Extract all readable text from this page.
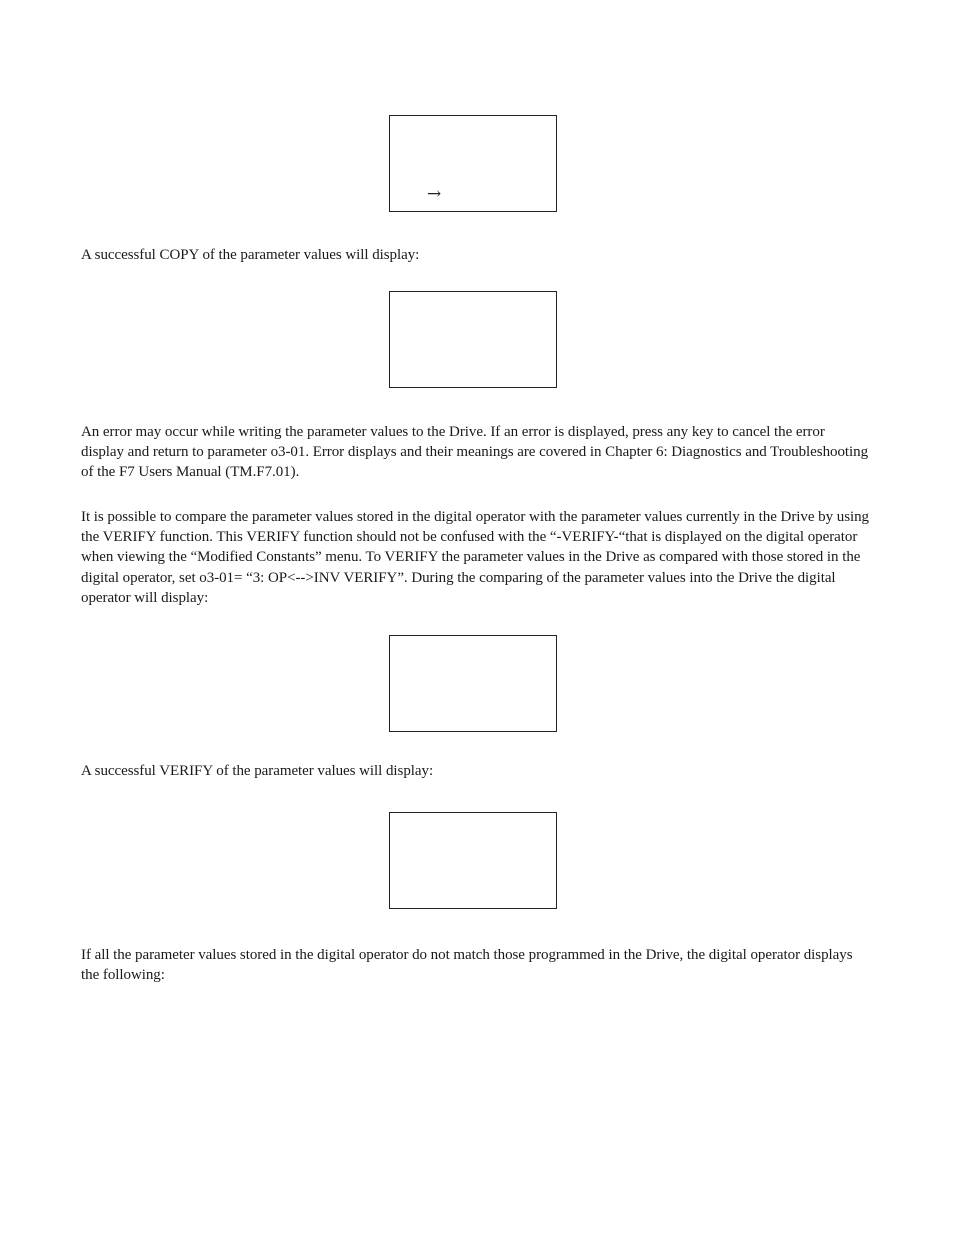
→

A successful COPY of the parameter values will display:

An error may occur while writing the parameter values to the Drive. If an error is displayed, press any key to cancel the error display and return to parameter o3-01. Error displays and their meanings are covered in Chapter 6: Diagnostics and Troubleshooting of the F7 Users Manual (TM.F7.01).

It is possible to compare the parameter values stored in the digital operator with the parameter values currently in the Drive by using the VERIFY function. This VERIFY function should not be confused with the “-VERIFY-“that is displayed on the digital operator when viewing the “Modified Constants” menu. To VERIFY the parameter values in the Drive as compared with those stored in the digital operator, set o3-01= “3: OP<-->INV VERIFY”. During the comparing of the parameter values into the Drive the digital operator will display:

A successful VERIFY of the parameter values will display:

If all the parameter values stored in the digital operator do not match those programmed in the Drive, the digital operator displays the following:
